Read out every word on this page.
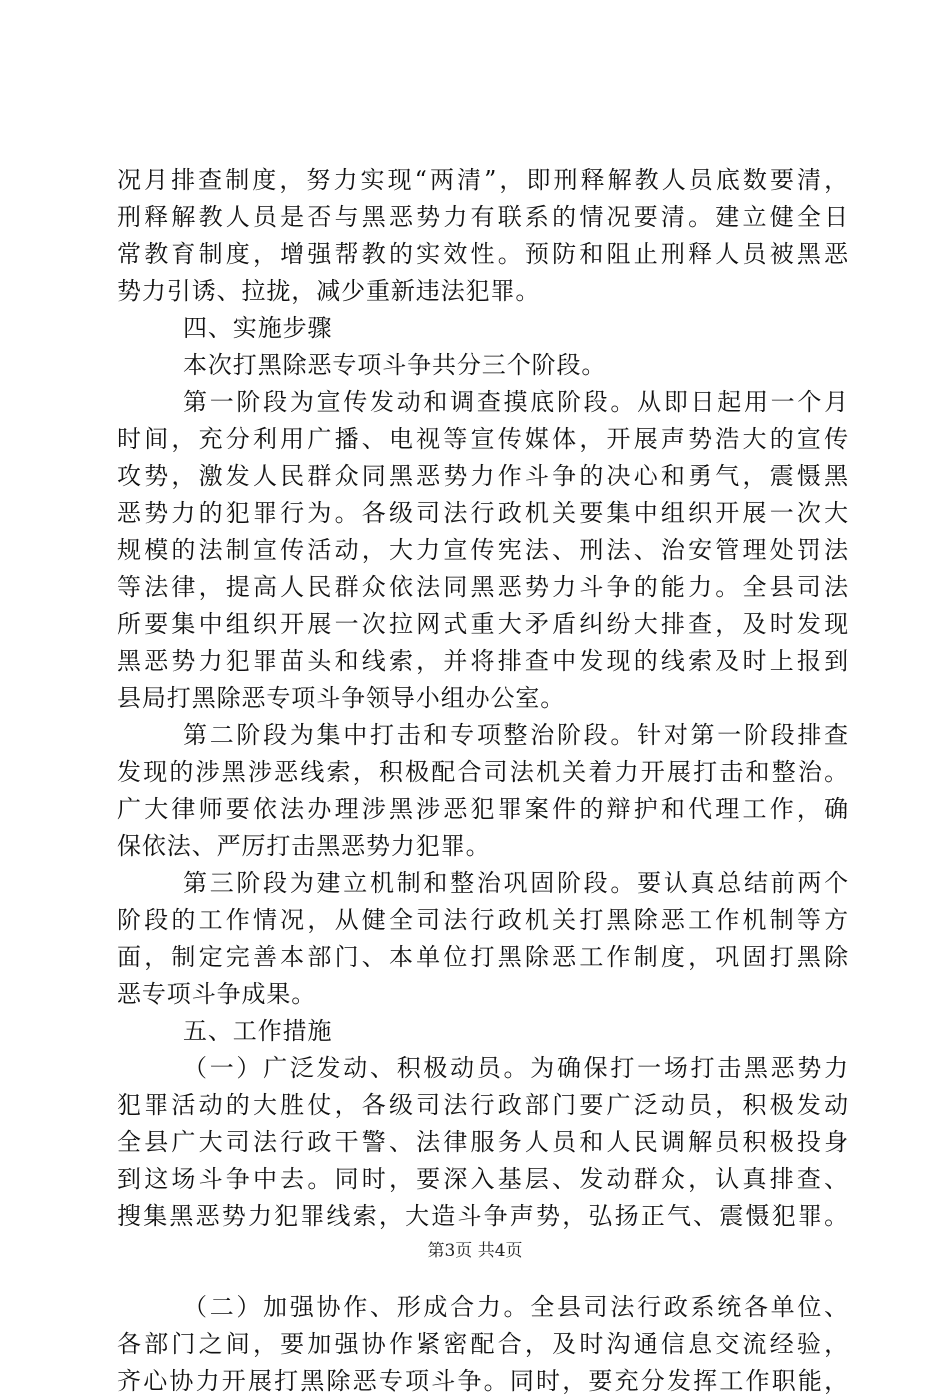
况月排查制度，努力实现“两清”，即刑释解教人员底数要清，
刑释解教人员是否与黑恶势力有联系的情况要清。建立健全日
常教育制度，增强帮教的实效性。预防和阻止刑释人员被黑恶
势力引诱、拉拢，减少重新违法犯罪。
四、实施步骤
本次打黑除恶专项斗争共分三个阶段。
第一阶段为宣传发动和调查摸底阶段。从即日起用一个月
时间，充分利用广播、电视等宣传媒体，开展声势浩大的宣传
攻势，激发人民群众同黑恶势力作斗争的决心和勇气，震慑黑
恶势力的犯罪行为。各级司法行政机关要集中组织开展一次大
规模的法制宣传活动，大力宣传宪法、刑法、治安管理处罚法
等法律，提高人民群众依法同黑恶势力斗争的能力。全县司法
所要集中组织开展一次拉网式重大矛盾纠纷大排查，及时发现
黑恶势力犯罪苗头和线索，并将排查中发现的线索及时上报到
县局打黑除恶专项斗争领导小组办公室。
第二阶段为集中打击和专项整治阶段。针对第一阶段排查
发现的涉黑涉恶线索，积极配合司法机关着力开展打击和整治。
广大律师要依法办理涉黑涉恶犯罪案件的辩护和代理工作，确
保依法、严厉打击黑恶势力犯罪。
第三阶段为建立机制和整治巩固阶段。要认真总结前两个
阶段的工作情况，从健全司法行政机关打黑除恶工作机制等方
面，制定完善本部门、本单位打黑除恶工作制度，巩固打黑除
恶专项斗争成果。
五、工作措施
（一）广泛发动、积极动员。为确保打一场打击黑恶势力
犯罪活动的大胜仗，各级司法行政部门要广泛动员，积极发动
全县广大司法行政干警、法律服务人员和人民调解员积极投身
到这场斗争中去。同时，要深入基层、发动群众，认真排查、
搜集黑恶势力犯罪线索，大造斗争声势，弘扬正气、震慑犯罪。
（二）加强协作、形成合力。全县司法行政系统各单位、
各部门之间，要加强协作紧密配合，及时沟通信息交流经验，
齐心协力开展打黑除恶专项斗争。同时，要充分发挥工作职能，
第3页 共4页
